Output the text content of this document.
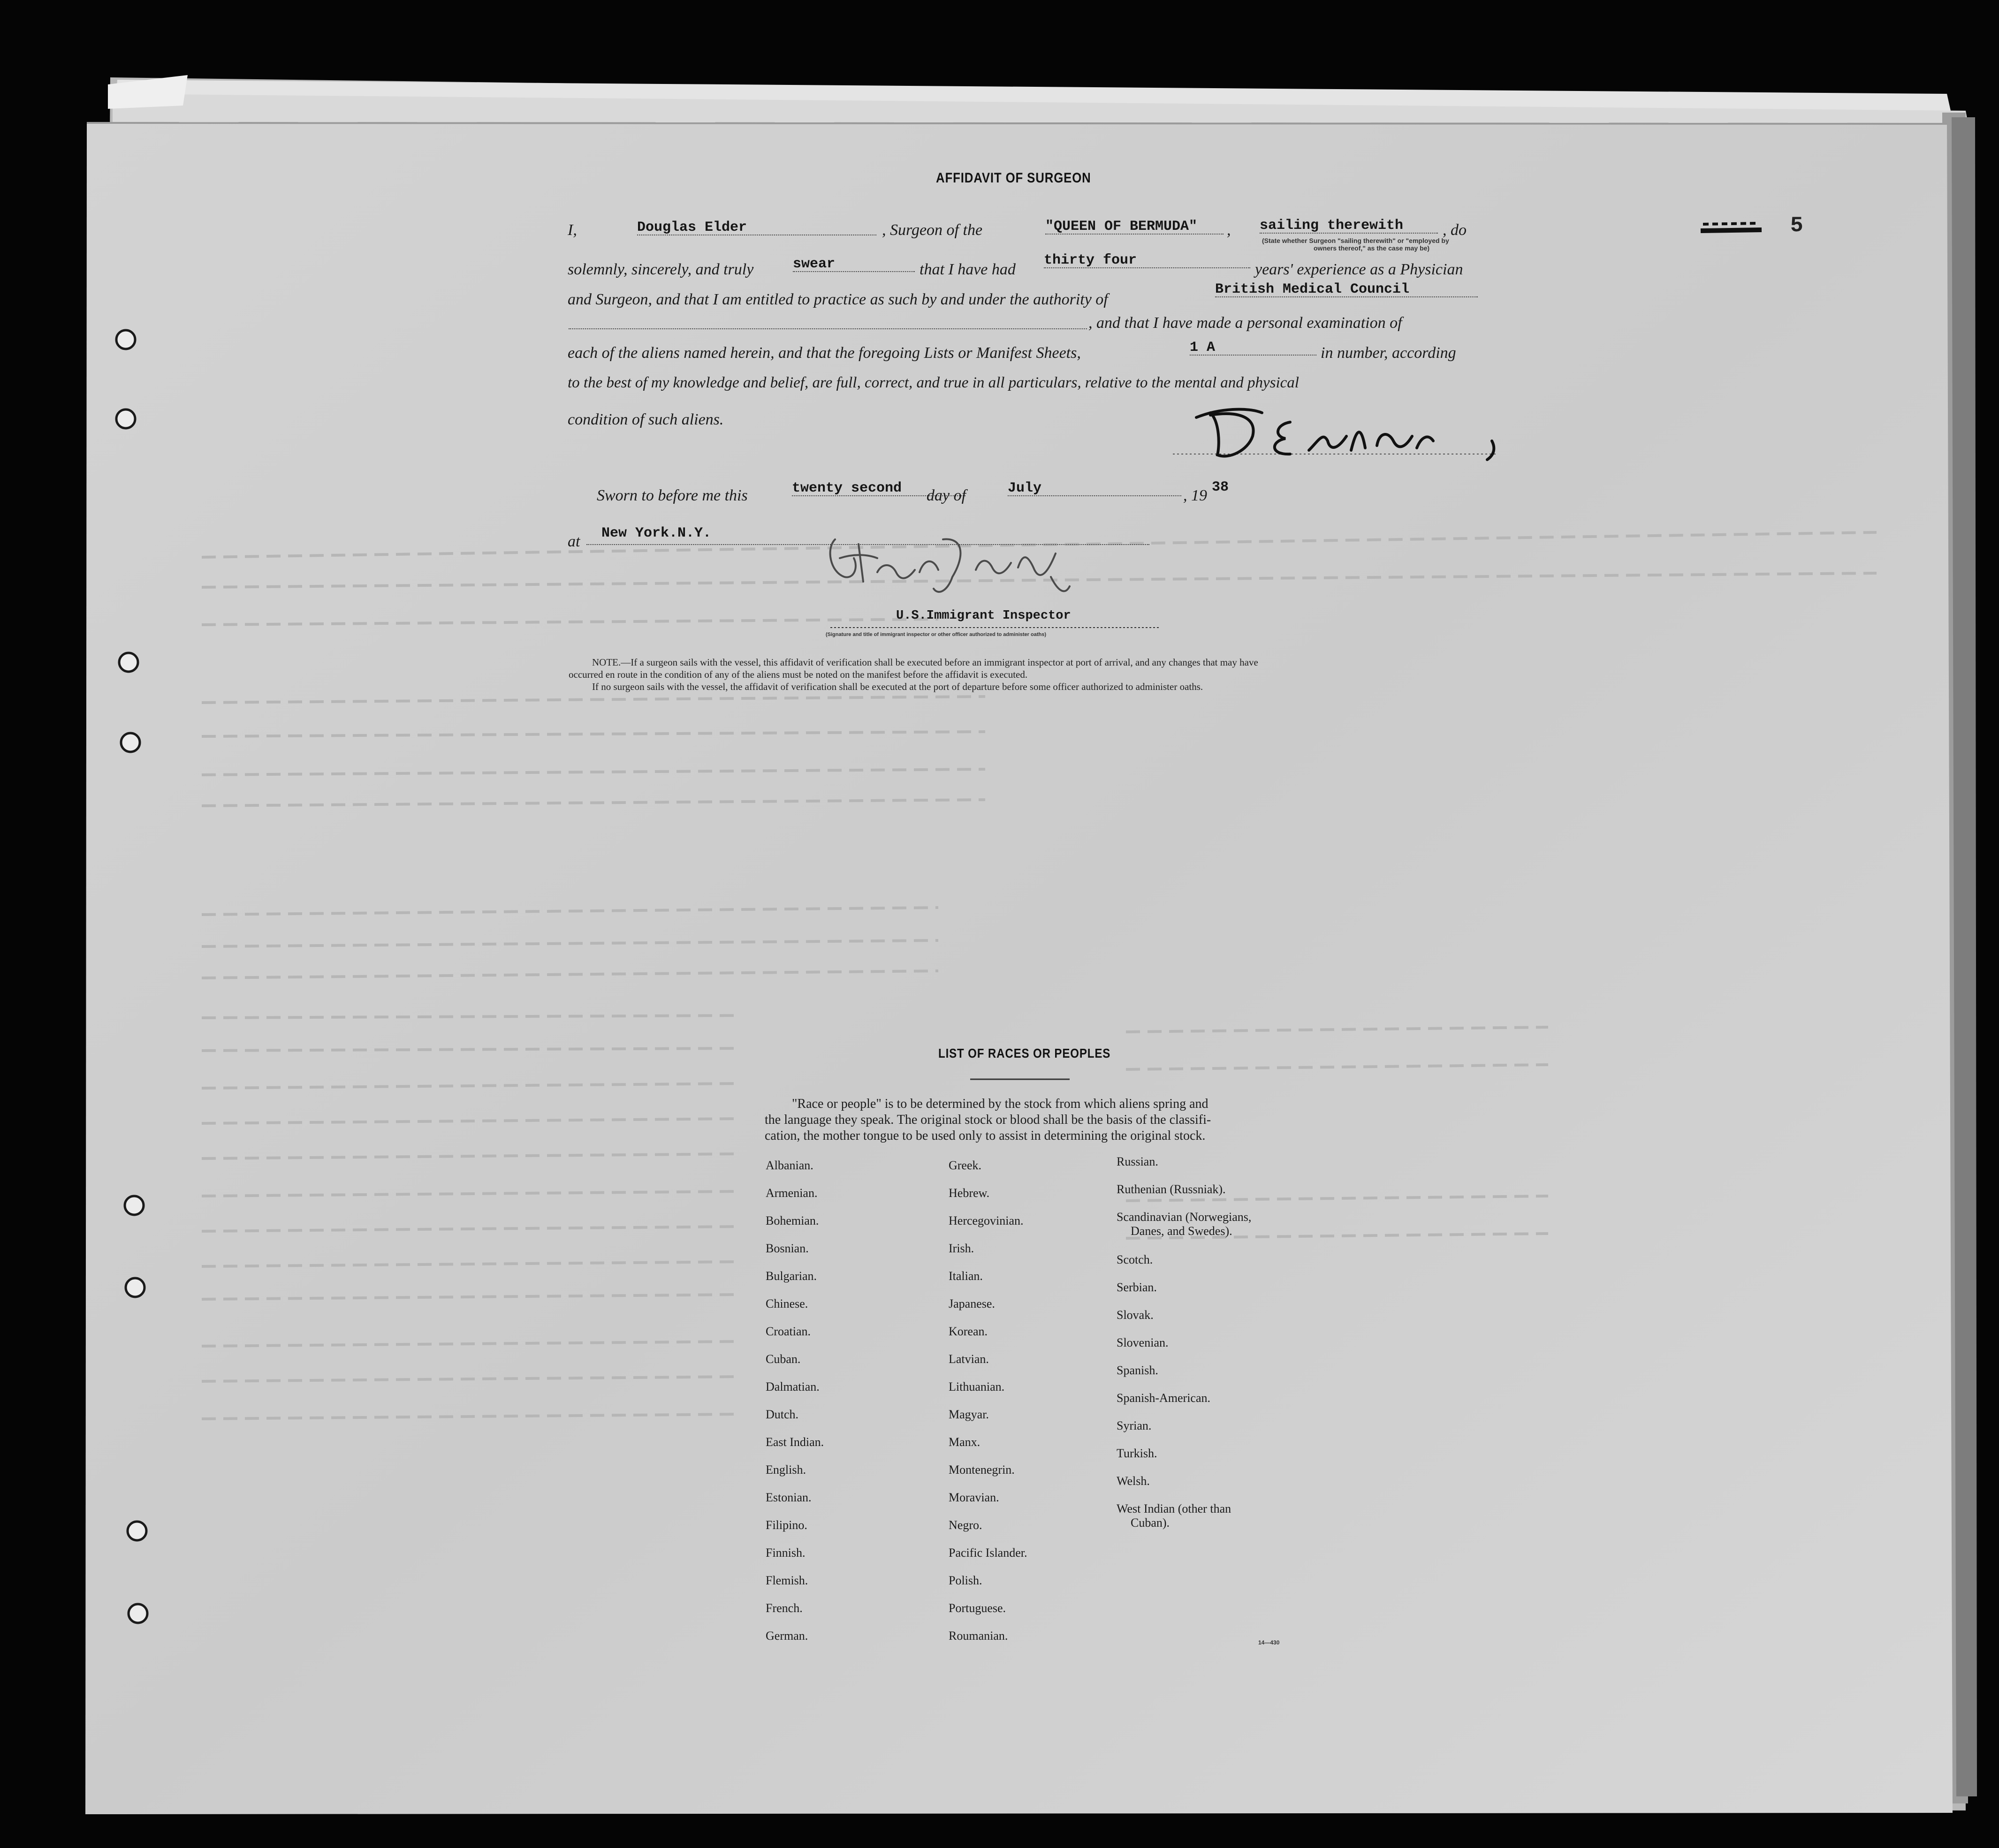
5
AFFIDAVIT OF SURGEON
I,	Douglas Elder	, Surgeon of the	"QUEEN OF BERMUDA"	, sailing therewith	, do
(State whether Surgeon "sailing therewith" or "employed by
owners thereof," as the case may be)
solemnly, sincerely, and truly	swear	that I have had
thirty four
years' experience as a Physician
and Surgeon, and that I am entitled to practice as such by and under the authority of
British Medical Council
, and that I have made a personal examination of
each of the aliens named herein, and that the foregoing Lists or Manifest Sheets,	1 A	in number, according
to the best of my knowledge and belief, are full, correct, and true in all particulars, relative to the mental and physical
condition of such aliens.
Sworn to before me this	twenty second	day of	July	, 19 38
at New York.N.Y.
U.S.Immigrant Inspector
(Signature and title of immigrant inspector or other officer authorized to administer oaths)
NOTE.—If a surgeon sails with the vessel, this affidavit of verification shall be executed before an immigrant inspector at port of arrival, and any changes that may have
occurred en route in the condition of any of the aliens must be noted on the manifest before the affidavit is executed.
If no surgeon sails with the vessel, the affidavit of verification shall be executed at the port of departure before some officer authorized to administer oaths.
LIST OF RACES OR PEOPLES
"Race or people" is to be determined by the stock from which aliens spring and
the language they speak. The original stock or blood shall be the basis of the classifi-
cation, the mother tongue to be used only to assist in determining the original stock.
Albanian.
Armenian.
Bohemian.
Bosnian.
Bulgarian.
Chinese.
Croatian.
Cuban.
Dalmatian.
Dutch.
East Indian.
English.
Estonian.
Filipino.
Finnish.
Flemish.
French.
German.
Greek.
Hebrew.
Hercegovinian.
Irish.
Italian.
Japanese.
Korean.
Latvian.
Lithuanian.
Magyar.
Manx.
Montenegrin.
Moravian.
Negro.
Pacific Islander.
Polish.
Portuguese.
Roumanian.
Russian.
Ruthenian (Russniak).
Scandinavian (Norwegians,
Danes, and Swedes).
Scotch.
Serbian.
Slovak.
Slovenian.
Spanish.
Spanish-American.
Syrian.
Turkish.
Welsh.
West Indian (other than
Cuban).
14—430
